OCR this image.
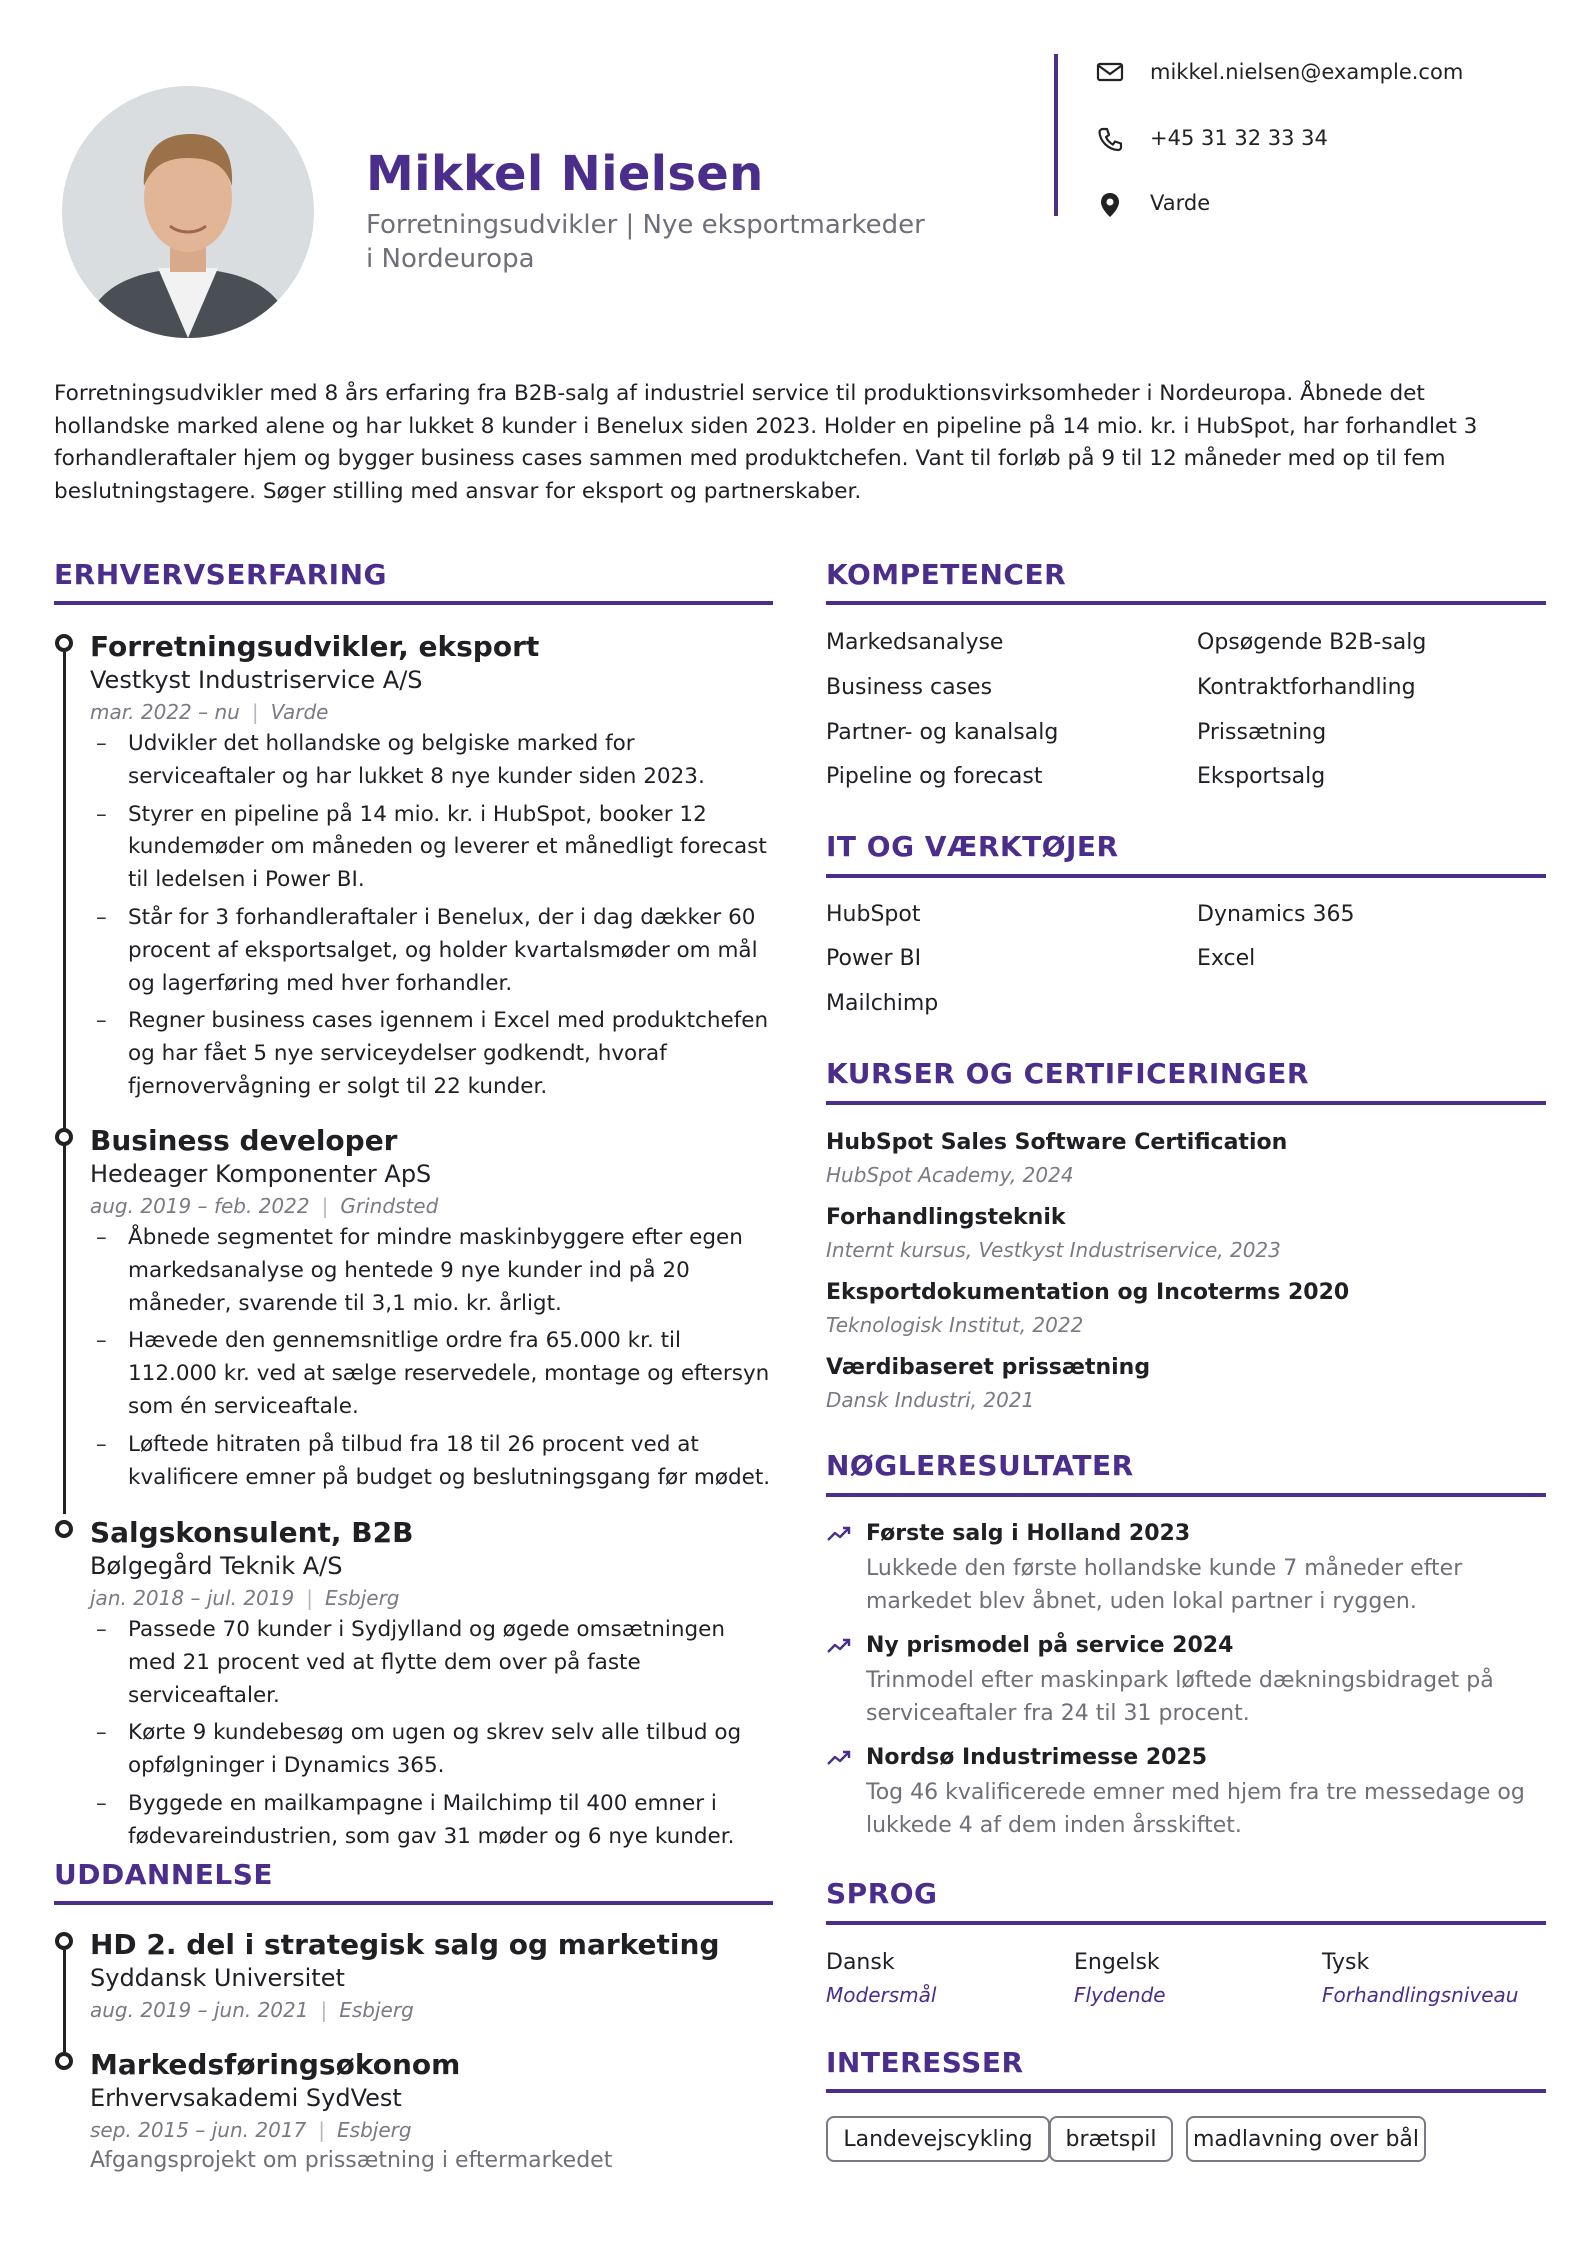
Mikkel Nielsen
Forretningsudvikler | Nye eksportmarkeder i Nordeuropa
mikkel.nielsen@example.com
+45 31 32 33 34
Varde
Forretningsudvikler med 8 års erfaring fra B2B-salg af industriel service til produktionsvirksomheder i Nordeuropa. Åbnede det hollandske marked alene og har lukket 8 kunder i Benelux siden 2023. Holder en pipeline på 14 mio. kr. i HubSpot, har forhandlet 3 forhandleraftaler hjem og bygger business cases sammen med produktchefen. Vant til forløb på 9 til 12 måneder med op til fem beslutningstagere. Søger stilling med ansvar for eksport og partnerskaber.
ERHVERVSERFARING
Forretningsudvikler, eksport
Vestkyst Industriservice A/S
mar. 2022 – nu | Varde
– Udvikler det hollandske og belgiske marked for serviceaftaler og har lukket 8 nye kunder siden 2023.
– Styrer en pipeline på 14 mio. kr. i HubSpot, booker 12 kundemøder om måneden og leverer et månedligt forecast til ledelsen i Power BI.
– Står for 3 forhandleraftaler i Benelux, der i dag dækker 60 procent af eksportsalget, og holder kvartalsmøder om mål og lagerføring med hver forhandler.
– Regner business cases igennem i Excel med produktchefen og har fået 5 nye serviceydelser godkendt, hvoraf fjernovervågning er solgt til 22 kunder.
Business developer
Hedeager Komponenter ApS
aug. 2019 – feb. 2022 | Grindsted
– Åbnede segmentet for mindre maskinbyggere efter egen markedsanalyse og hentede 9 nye kunder ind på 20 måneder, svarende til 3,1 mio. kr. årligt.
– Hævede den gennemsnitlige ordre fra 65.000 kr. til 112.000 kr. ved at sælge reservedele, montage og eftersyn som én serviceaftale.
– Løftede hitraten på tilbud fra 18 til 26 procent ved at kvalificere emner på budget og beslutningsgang før mødet.
Salgskonsulent, B2B
Bølgegård Teknik A/S
jan. 2018 – jul. 2019 | Esbjerg
– Passede 70 kunder i Sydjylland og øgede omsætningen med 21 procent ved at flytte dem over på faste serviceaftaler.
– Kørte 9 kundebesøg om ugen og skrev selv alle tilbud og opfølgninger i Dynamics 365.
– Byggede en mailkampagne i Mailchimp til 400 emner i fødevareindustrien, som gav 31 møder og 6 nye kunder.
UDDANNELSE
HD 2. del i strategisk salg og marketing
Syddansk Universitet
aug. 2019 – jun. 2021 | Esbjerg
Markedsføringsøkonom
Erhvervsakademi SydVest
sep. 2015 – jun. 2017 | Esbjerg
Afgangsprojekt om prissætning i eftermarkedet
KOMPETENCER
Markedsanalyse	Opsøgende B2B-salg
Business cases	Kontraktforhandling
Partner- og kanalsalg	Prissætning
Pipeline og forecast	Eksportsalg
IT OG VÆRKTØJER
HubSpot	Dynamics 365
Power BI	Excel
Mailchimp
KURSER OG CERTIFICERINGER
HubSpot Sales Software Certification
HubSpot Academy, 2024
Forhandlingsteknik
Internt kursus, Vestkyst Industriservice, 2023
Eksportdokumentation og Incoterms 2020
Teknologisk Institut, 2022
Værdibaseret prissætning
Dansk Industri, 2021
NØGLERESULTATER
Første salg i Holland 2023
Lukkede den første hollandske kunde 7 måneder efter markedet blev åbnet, uden lokal partner i ryggen.
Ny prismodel på service 2024
Trinmodel efter maskinpark løftede dækningsbidraget på serviceaftaler fra 24 til 31 procent.
Nordsø Industrimesse 2025
Tog 46 kvalificerede emner med hjem fra tre messedage og lukkede 4 af dem inden årsskiftet.
SPROG
Dansk
Modersmål
Engelsk
Flydende
Tysk
Forhandlingsniveau
INTERESSER
Landevejscykling	brætspil	madlavning over bål
